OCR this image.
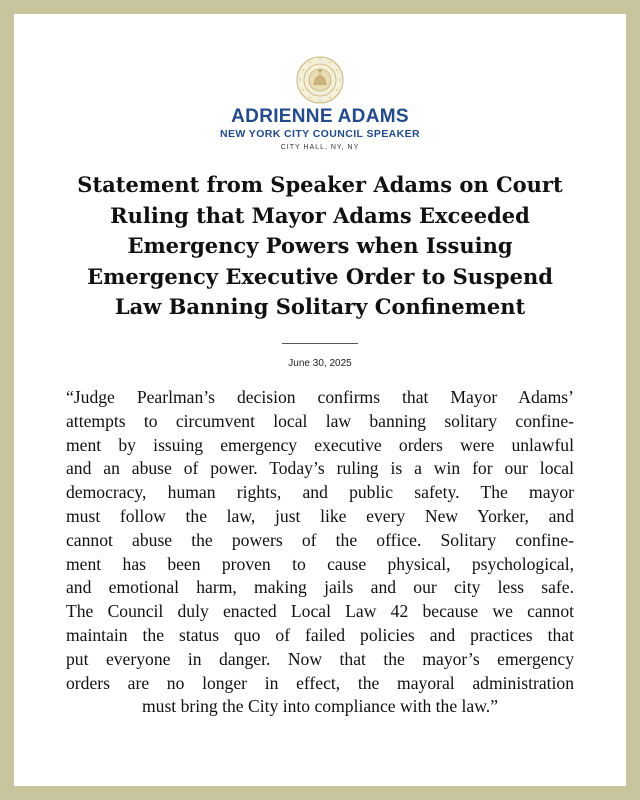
ADRIENNE ADAMS
NEW YORK CITY COUNCIL SPEAKER
CITY HALL, NY, NY
Statement from Speaker Adams on Court
Ruling that Mayor Adams Exceeded
Emergency Powers when Issuing
Emergency Executive Order to Suspend
Law Banning Solitary Confinement
June 30, 2025
“Judge Pearlman’s decision confirms that Mayor Adams’
attempts to circumvent local law banning solitary confine-
ment by issuing emergency executive orders were unlawful
and an abuse of power. Today’s ruling is a win for our local
democracy, human rights, and public safety. The mayor
must follow the law, just like every New Yorker, and
cannot abuse the powers of the office. Solitary confine-
ment has been proven to cause physical, psychological,
and emotional harm, making jails and our city less safe.
The Council duly enacted Local Law 42 because we cannot
maintain the status quo of failed policies and practices that
put everyone in danger. Now that the mayor’s emergency
orders are no longer in effect, the mayoral administration
must bring the City into compliance with the law.”
